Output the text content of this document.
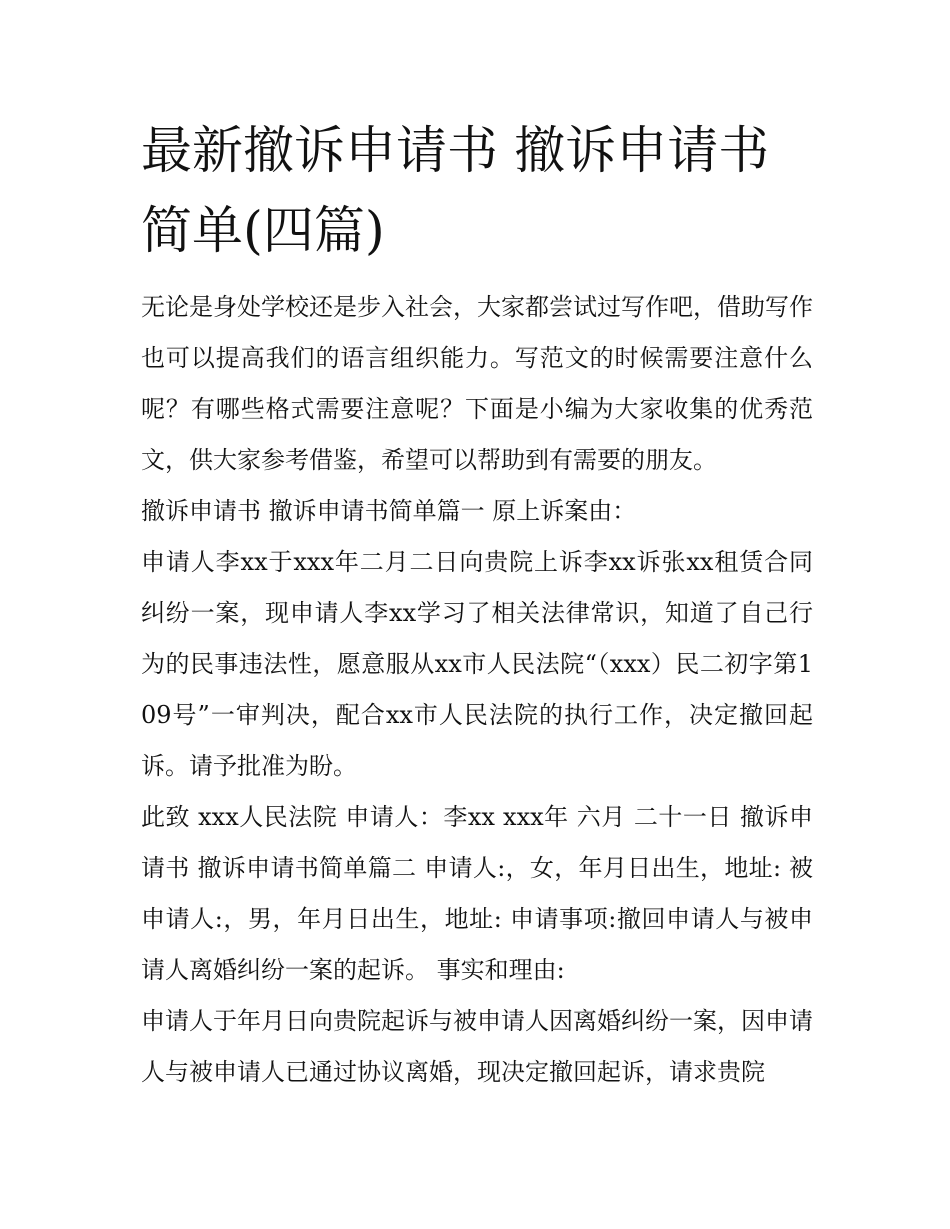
最新撤诉申请书 撤诉申请书简单(四篇)

无论是身处学校还是步入社会，大家都尝试过写作吧，借助写作也可以提高我们的语言组织能力。写范文的时候需要注意什么呢？有哪些格式需要注意呢？下面是小编为大家收集的优秀范文，供大家参考借鉴，希望可以帮助到有需要的朋友。

撤诉申请书 撤诉申请书简单篇一 原上诉案由：

申请人李xx于xxx年二月二日向贵院上诉李xx诉张xx租赁合同纠纷一案，现申请人李xx学习了相关法律常识，知道了自己行为的民事违法性，愿意服从xx市人民法院“（xxx）民二初字第109号”一审判决，配合xx市人民法院的执行工作，决定撤回起诉。请予批准为盼。

此致 xxx人民法院 申请人：李xx xxx年 六月 二十一日 撤诉申请书 撤诉申请书简单篇二 申请人:，女，年月日出生，地址: 被申请人:，男，年月日出生，地址: 申请事项:撤回申请人与被申请人离婚纠纷一案的起诉。 事实和理由:

申请人于年月日向贵院起诉与被申请人因离婚纠纷一案，因申请人与被申请人已通过协议离婚，现决定撤回起诉，请求贵院
